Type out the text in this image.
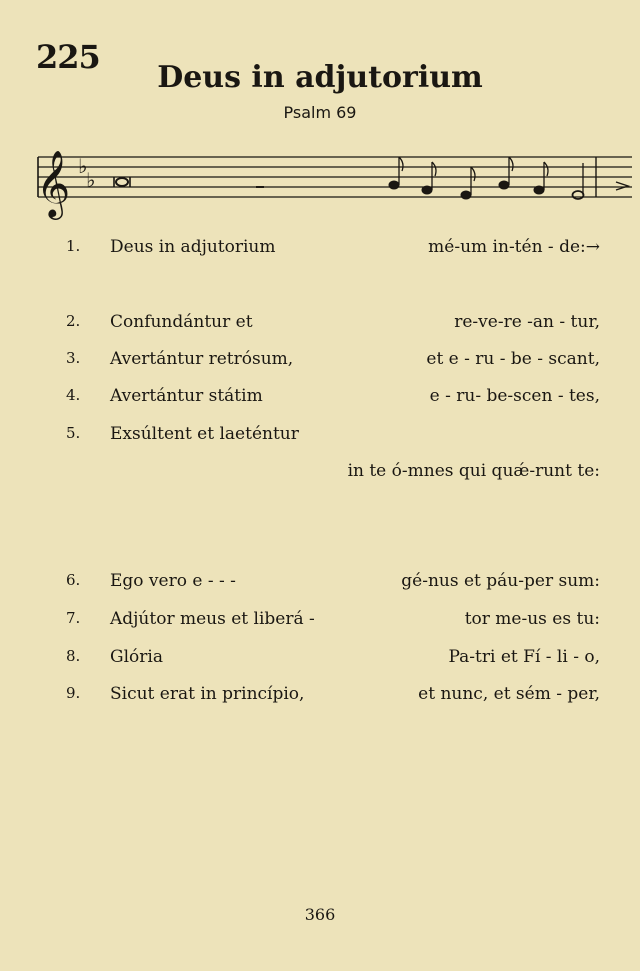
225
Deus in adjutorium
Psalm 69
𝄞 ♭
♭
1. Deus in adjutorium	mé-um in-tén - de:→
2. Confundántur et	re-ve-re -an - tur,
3. Avertántur retrósum,	et e - ru - be - scant,
4. Avertántur státim	e - ru- be-scen - tes,
5. Exsúltent et laeténtur
in te ó-mnes qui quǽ-runt te:
6. Ego vero e - - -	gé-nus et páu-per sum:
7. Adjútor meus et liberá -	tor me-us es tu:
8. Glória	Pa-tri et Fí - li - o,
9. Sicut erat in princípio,	et nunc, et sém - per,
366
